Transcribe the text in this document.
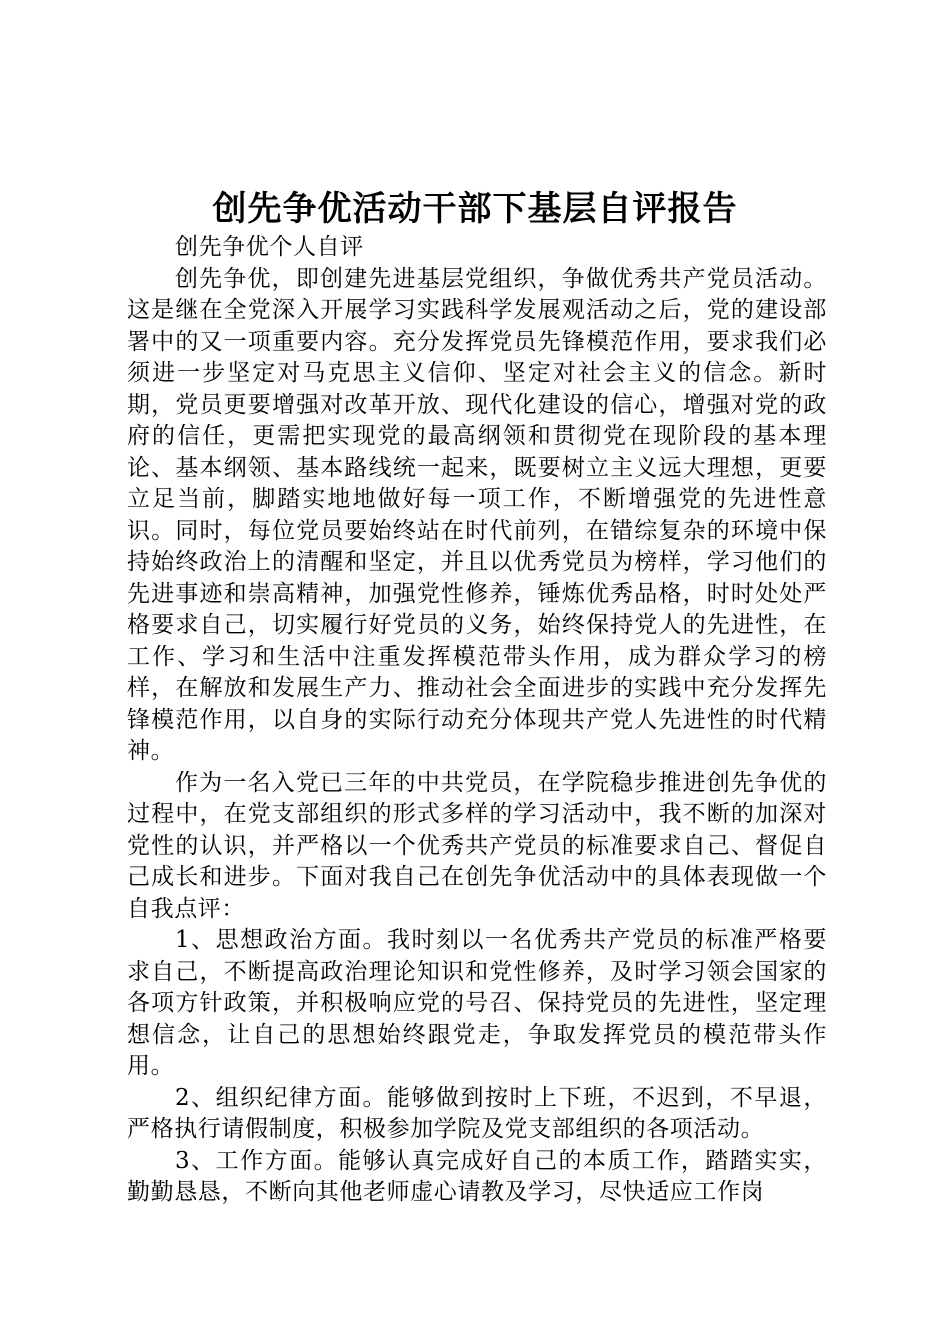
创先争优活动干部下基层自评报告

创先争优个人自评

创先争优，即创建先进基层党组织，争做优秀共产党员活动。这是继在全党深入开展学习实践科学发展观活动之后，党的建设部署中的又一项重要内容。充分发挥党员先锋模范作用，要求我们必须进一步坚定对马克思主义信仰、坚定对社会主义的信念。新时期，党员更要增强对改革开放、现代化建设的信心，增强对党的政府的信任，更需把实现党的最高纲领和贯彻党在现阶段的基本理论、基本纲领、基本路线统一起来，既要树立主义远大理想，更要立足当前，脚踏实地地做好每一项工作，不断增强党的先进性意识。同时，每位党员要始终站在时代前列，在错综复杂的环境中保持始终政治上的清醒和坚定，并且以优秀党员为榜样，学习他们的先进事迹和崇高精神，加强党性修养，锤炼优秀品格，时时处处严格要求自己，切实履行好党员的义务，始终保持党人的先进性，在工作、学习和生活中注重发挥模范带头作用，成为群众学习的榜样，在解放和发展生产力、推动社会全面进步的实践中充分发挥先锋模范作用，以自身的实际行动充分体现共产党人先进性的时代精神。

作为一名入党已三年的中共党员，在学院稳步推进创先争优的过程中，在党支部组织的形式多样的学习活动中，我不断的加深对党性的认识，并严格以一个优秀共产党员的标准要求自己、督促自己成长和进步。下面对我自己在创先争优活动中的具体表现做一个自我点评：

1、思想政治方面。我时刻以一名优秀共产党员的标准严格要求自己，不断提高政治理论知识和党性修养，及时学习领会国家的各项方针政策，并积极响应党的号召、保持党员的先进性，坚定理想信念，让自己的思想始终跟党走，争取发挥党员的模范带头作用。

2、组织纪律方面。能够做到按时上下班，不迟到，不早退，严格执行请假制度，积极参加学院及党支部组织的各项活动。

3、工作方面。能够认真完成好自己的本质工作，踏踏实实，勤勤恳恳，不断向其他老师虚心请教及学习，尽快适应工作岗
